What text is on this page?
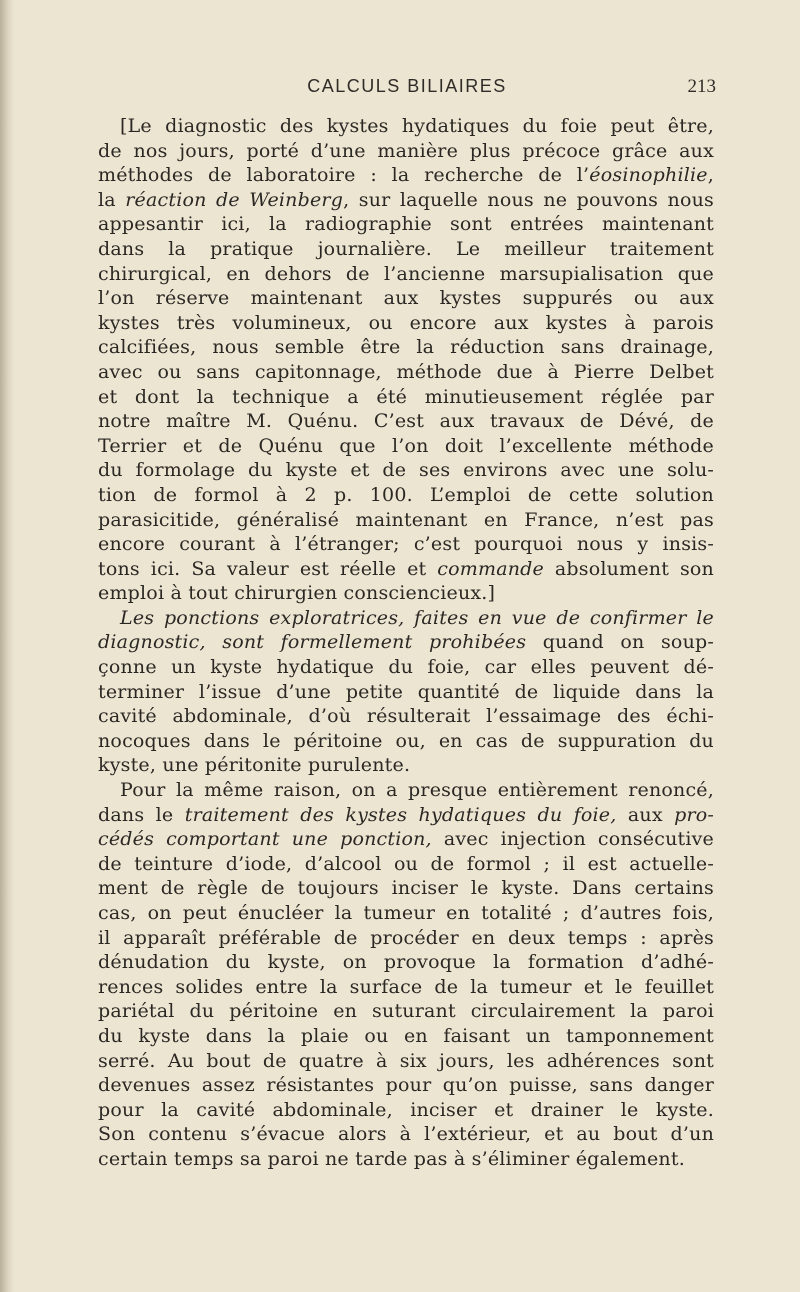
CALCULS BILIAIRES	213
[Le diagnostic des kystes hydatiques du foie peut être,
de nos jours, porté d’une manière plus précoce grâce aux
méthodes de laboratoire : la recherche de l’éosinophilie,
la réaction de Weinberg, sur laquelle nous ne pouvons nous
appesantir ici, la radiographie sont entrées maintenant
dans la pratique journalière. Le meilleur traitement
chirurgical, en dehors de l’ancienne marsupialisation que
l’on réserve maintenant aux kystes suppurés ou aux
kystes très volumineux, ou encore aux kystes à parois
calcifiées, nous semble être la réduction sans drainage,
avec ou sans capitonnage, méthode due à Pierre Delbet
et dont la technique a été minutieusement réglée par
notre maître M. Quénu. C’est aux travaux de Dévé, de
Terrier et de Quénu que l’on doit l’excellente méthode
du formolage du kyste et de ses environs avec une solu-
tion de formol à 2 p. 100. L’emploi de cette solution
parasicitide, généralisé maintenant en France, n’est pas
encore courant à l’étranger; c’est pourquoi nous y insis-
tons ici. Sa valeur est réelle et commande absolument son
emploi à tout chirurgien consciencieux.]
Les ponctions exploratrices, faites en vue de confirmer le
diagnostic, sont formellement prohibées quand on soup-
çonne un kyste hydatique du foie, car elles peuvent dé-
terminer l’issue d’une petite quantité de liquide dans la
cavité abdominale, d’où résulterait l’essaimage des échi-
nocoques dans le péritoine ou, en cas de suppuration du
kyste, une péritonite purulente.
Pour la même raison, on a presque entièrement renoncé,
dans le traitement des kystes hydatiques du foie, aux pro-
cédés comportant une ponction, avec injection consécutive
de teinture d’iode, d’alcool ou de formol ; il est actuelle-
ment de règle de toujours inciser le kyste. Dans certains
cas, on peut énucléer la tumeur en totalité ; d’autres fois,
il apparaît préférable de procéder en deux temps : après
dénudation du kyste, on provoque la formation d’adhé-
rences solides entre la surface de la tumeur et le feuillet
pariétal du péritoine en suturant circulairement la paroi
du kyste dans la plaie ou en faisant un tamponnement
serré. Au bout de quatre à six jours, les adhérences sont
devenues assez résistantes pour qu’on puisse, sans danger
pour la cavité abdominale, inciser et drainer le kyste.
Son contenu s’évacue alors à l’extérieur, et au bout d’un
certain temps sa paroi ne tarde pas à s’éliminer également.
